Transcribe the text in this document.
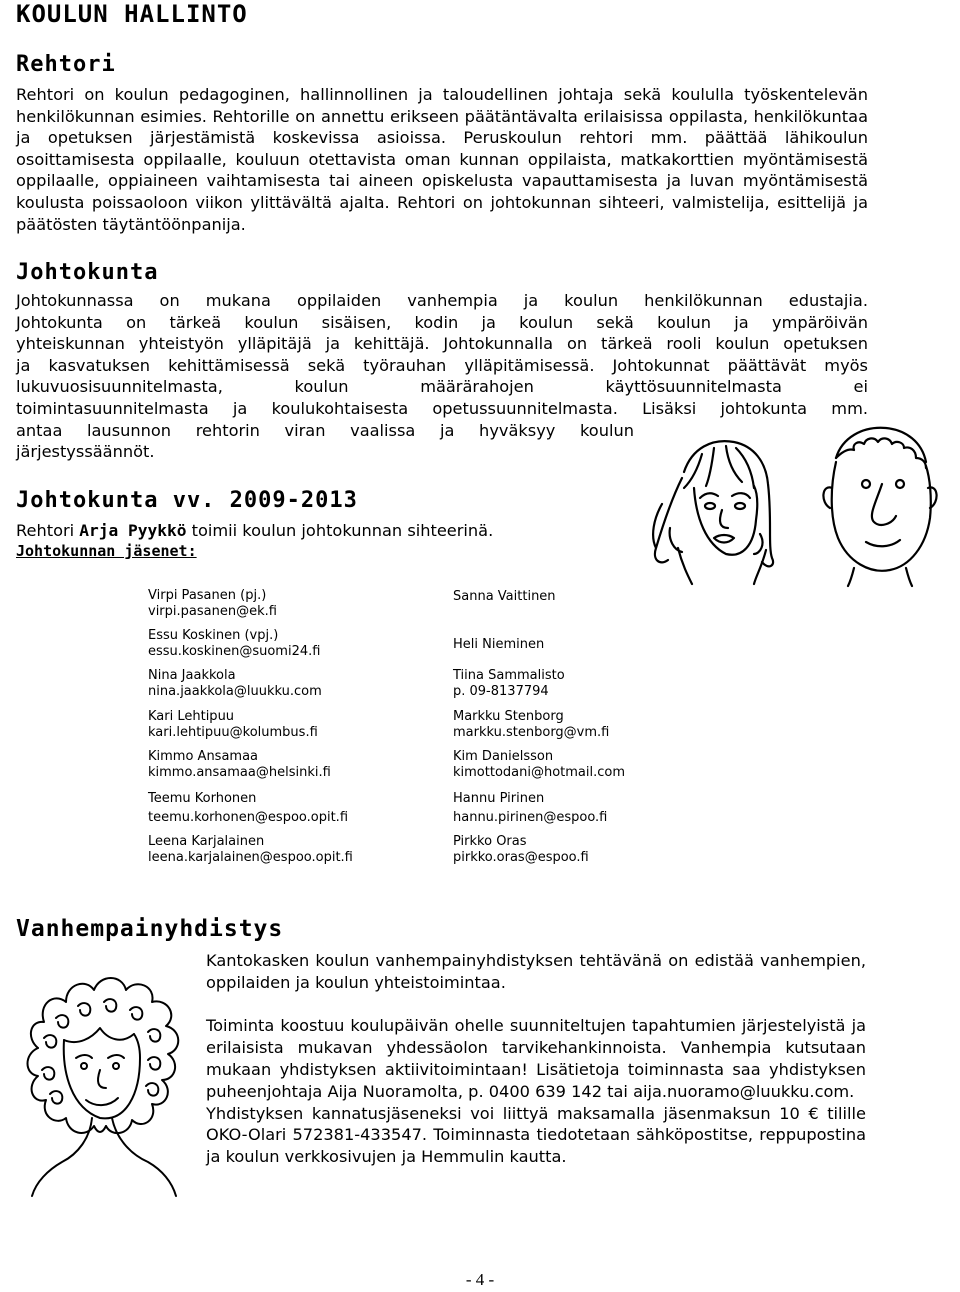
KOULUN HALLINTO
Rehtori

Rehtori on koulun pedagoginen, hallinnollinen ja taloudellinen johtaja sekä koululla työskentelevän henkilökunnan esimies. Rehtorille on annettu erikseen päätäntävalta erilaisissa oppilasta, henkilökuntaa ja opetuksen järjestämistä koskevissa asioissa. Peruskoulun rehtori mm. päättää lähikoulun osoittamisesta oppilaalle, kouluun otettavista oman kunnan oppilaista, matkakorttien myöntämisestä oppilaalle, oppiaineen vaihtamisesta tai aineen opiskelusta vapauttamisesta ja luvan myöntämisestä koulusta poissaoloon viikon ylittävältä ajalta. Rehtori on johtokunnan sihteeri, valmistelija, esittelijä ja päätösten täytäntöönpanija.

Johtokunta
Johtokunnassa on mukana oppilaiden vanhempia ja koulun henkilökunnan edustajia.
Johtokunta on tärkeä koulun sisäisen, kodin ja koulun sekä koulun ja ympäröivän
yhteiskunnan yhteistyön ylläpitäjä ja kehittäjä. Johtokunnalla on tärkeä rooli koulun opetuksen
ja kasvatuksen kehittämisessä sekä työrauhan ylläpitämisessä. Johtokunnat päättävät myös
lukuvuosisuunnitelmasta, koulun määrärahojen käyttösuunnitelmasta ei
toimintasuunnitelmasta ja koulukohtaisesta opetussuunnitelmasta. Lisäksi johtokunta mm.
antaa lausunnon rehtorin viran vaalissa ja hyväksyy koulun
järjestyssäännöt.
Johtokunta vv. 2009-2013
Rehtori Arja Pyykkö toimii koulun johtokunnan sihteerinä.
Johtokunnan jäsenet:
Virpi Pasanen (pj.)
virpi.pasanen@ek.fi
Essu Koskinen (vpj.)
essu.koskinen@suomi24.fi
Nina Jaakkola
nina.jaakkola@luukku.com
Kari Lehtipuu
kari.lehtipuu@kolumbus.fi
Kimmo Ansamaa
kimmo.ansamaa@helsinki.fi
Teemu Korhonen
teemu.korhonen@espoo.opit.fi
Leena Karjalainen
leena.karjalainen@espoo.opit.fi
Sanna Vaittinen
Heli Nieminen
Tiina Sammalisto
p. 09-8137794
Markku Stenborg
markku.stenborg@vm.fi
Kim Danielsson
kimottodani@hotmail.com
Hannu Pirinen
hannu.pirinen@espoo.fi
Pirkko Oras
pirkko.oras@espoo.fi
Vanhempainyhdistys

Kantokasken koulun vanhempainyhdistyksen tehtävänä on edistää vanhempien, oppilaiden ja koulun yhteistoimintaa.

Toiminta koostuu koulupäivän ohelle suunniteltujen tapahtumien järjestelyistä ja erilaisista mukavan yhdessäolon tarvikehankinnoista. Vanhempia kutsutaan mukaan yhdistyksen aktiivitoimintaan! Lisätietoja toiminnasta saa yhdistyksen puheenjohtaja Aija Nuoramolta, p. 0400 639 142 tai aija.nuoramo@luukku.com.

Yhdistyksen kannatusjäseneksi voi liittyä maksamalla jäsenmaksun 10 € tilille OKO-Olari 572381-433547. Toiminnasta tiedotetaan sähköpostitse, reppupostina ja koulun verkkosivujen ja Hemmulin kautta.

- 4 -
